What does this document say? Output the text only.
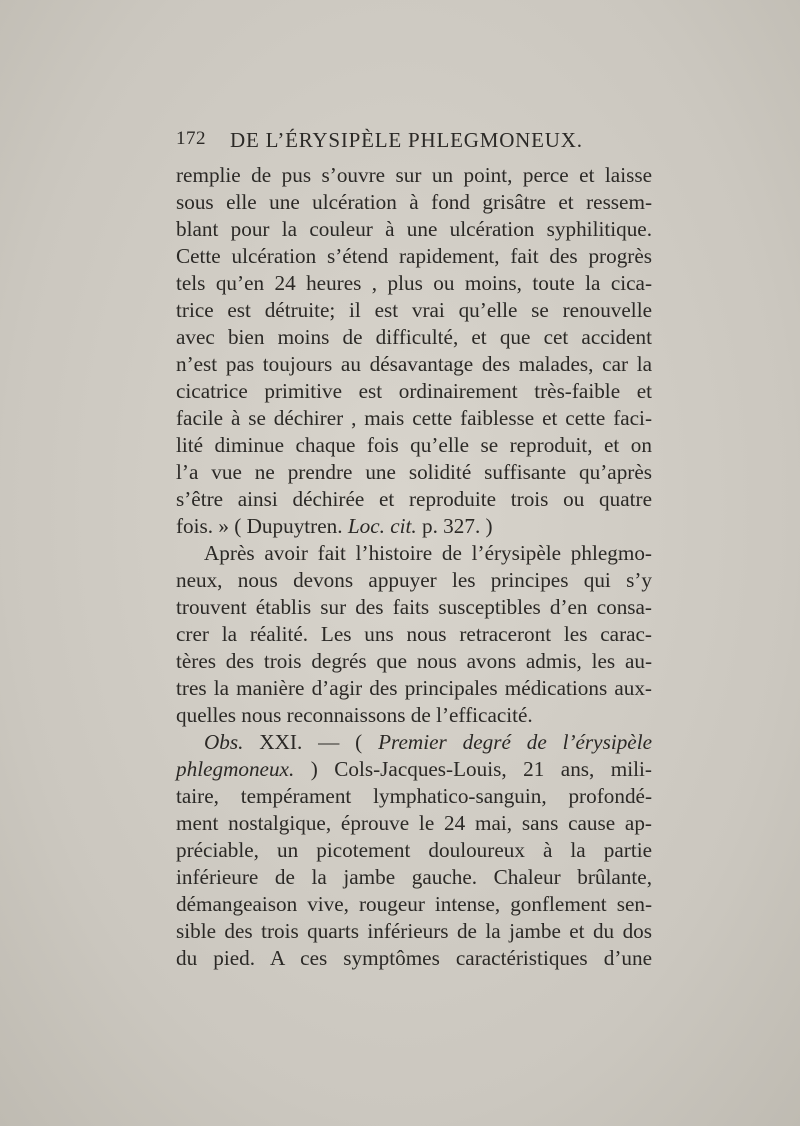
172 DE L’ÉRYSIPÈLE PHLEGMONEUX.
remplie de pus s’ouvre sur un point, perce et laisse
sous elle une ulcération à fond grisâtre et ressem-
blant pour la couleur à une ulcération syphilitique.
Cette ulcération s’étend rapidement, fait des progrès
tels qu’en 24 heures , plus ou moins, toute la cica-
trice est détruite; il est vrai qu’elle se renouvelle
avec bien moins de difficulté, et que cet accident
n’est pas toujours au désavantage des malades, car la
cicatrice primitive est ordinairement très-faible et
facile à se déchirer , mais cette faiblesse et cette faci-
lité diminue chaque fois qu’elle se reproduit, et on
l’a vue ne prendre une solidité suffisante qu’après
s’être ainsi déchirée et reproduite trois ou quatre
fois. » ( Dupuytren. Loc. cit. p. 327. )
Après avoir fait l’histoire de l’érysipèle phlegmo-
neux, nous devons appuyer les principes qui s’y
trouvent établis sur des faits susceptibles d’en consa-
crer la réalité. Les uns nous retraceront les carac-
tères des trois degrés que nous avons admis, les au-
tres la manière d’agir des principales médications aux-
quelles nous reconnaissons de l’efficacité.
Obs. XXI. — ( Premier degré de l’érysipèle
phlegmoneux. ) Cols-Jacques-Louis, 21 ans, mili-
taire, tempérament lymphatico-sanguin, profondé-
ment nostalgique, éprouve le 24 mai, sans cause ap-
préciable, un picotement douloureux à la partie
inférieure de la jambe gauche. Chaleur brûlante,
démangeaison vive, rougeur intense, gonflement sen-
sible des trois quarts inférieurs de la jambe et du dos
du pied. A ces symptômes caractéristiques d’une
